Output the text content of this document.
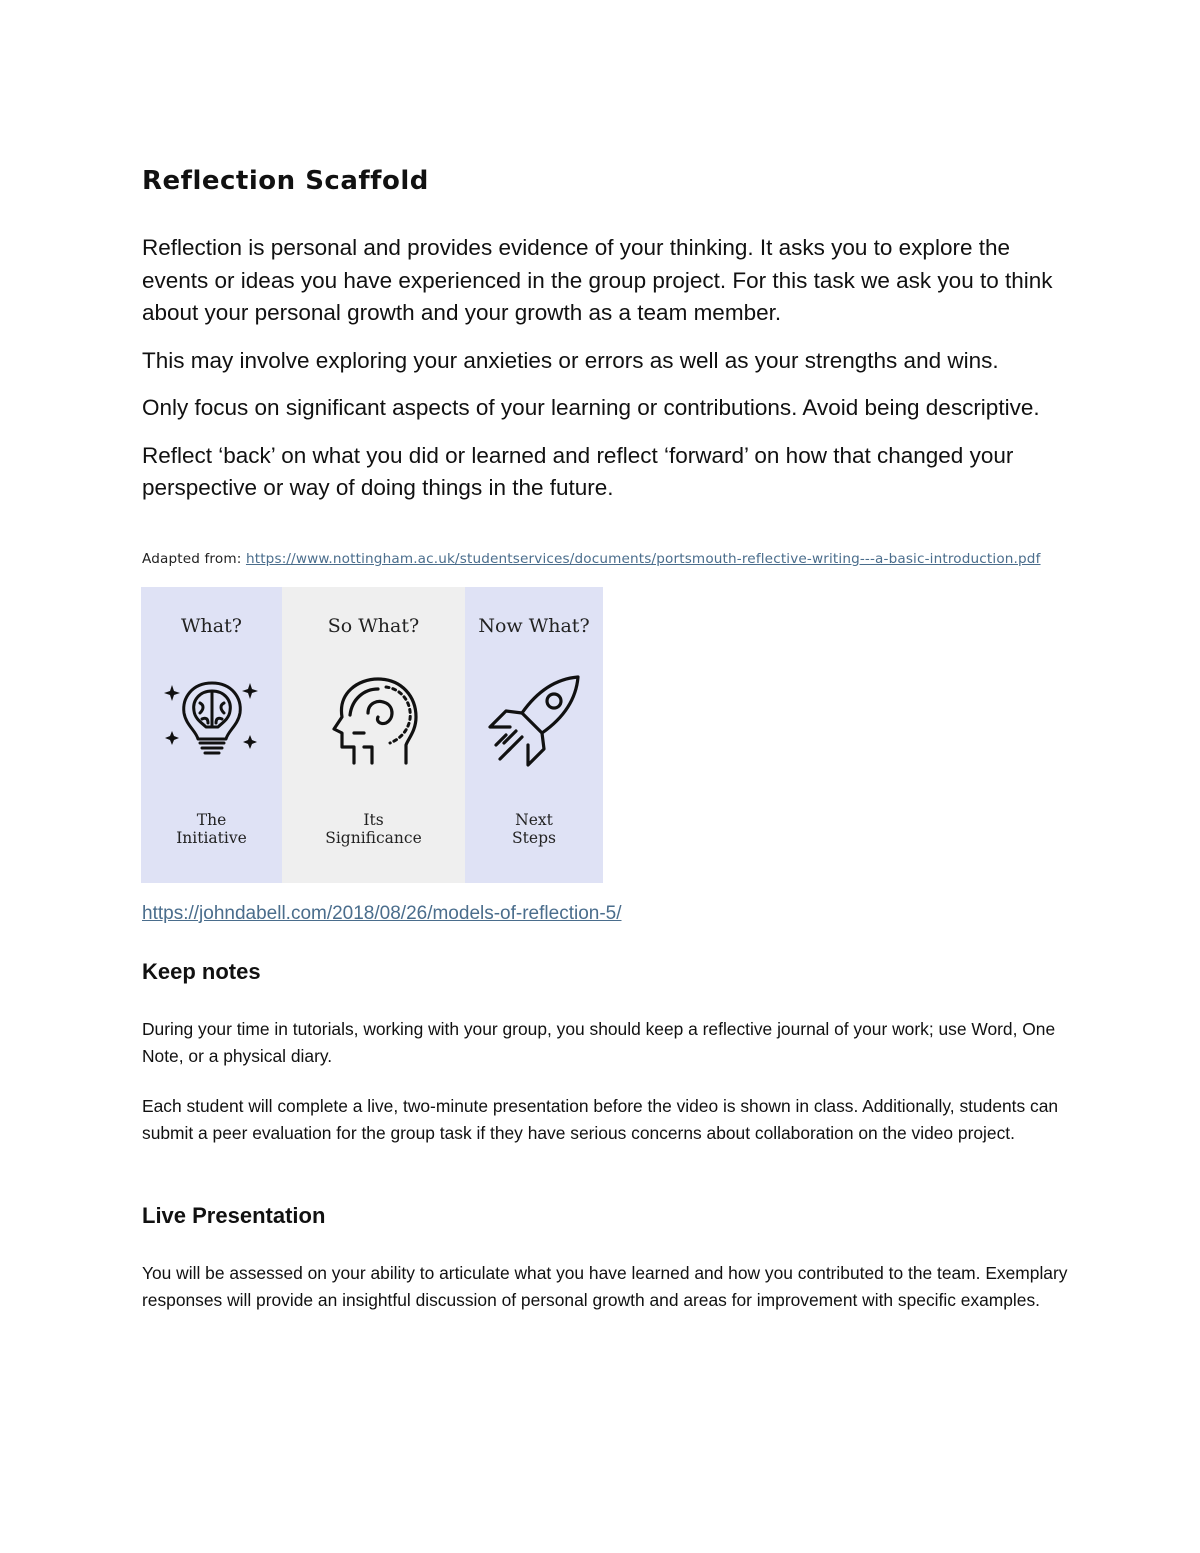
Reflection Scaffold

Reflection is personal and provides evidence of your thinking. It asks you to explore the events or ideas you have experienced in the group project. For this task we ask you to think about your personal growth and your growth as a team member.

This may involve exploring your anxieties or errors as well as your strengths and wins.

Only focus on significant aspects of your learning or contributions. Avoid being descriptive.

Reflect ‘back’ on what you did or learned and reflect ‘forward’ on how that changed your perspective or way of doing things in the future.

Adapted from: https://www.nottingham.ac.uk/studentservices/documents/portsmouth-reflective-writing---a-basic-introduction.pdf
What?
The
Initiative
So What?
Its
Significance
Now What?
Next
Steps
https://johndabell.com/2018/08/26/models-of-reflection-5/
Keep notes

During your time in tutorials, working with your group, you should keep a reflective journal of your work; use Word, One Note, or a physical diary.

Each student will complete a live, two-minute presentation before the video is shown in class. Additionally, students can submit a peer evaluation for the group task if they have serious concerns about collaboration on the video project.

Live Presentation

You will be assessed on your ability to articulate what you have learned and how you contributed to the team. Exemplary responses will provide an insightful discussion of personal growth and areas for improvement with specific examples.
